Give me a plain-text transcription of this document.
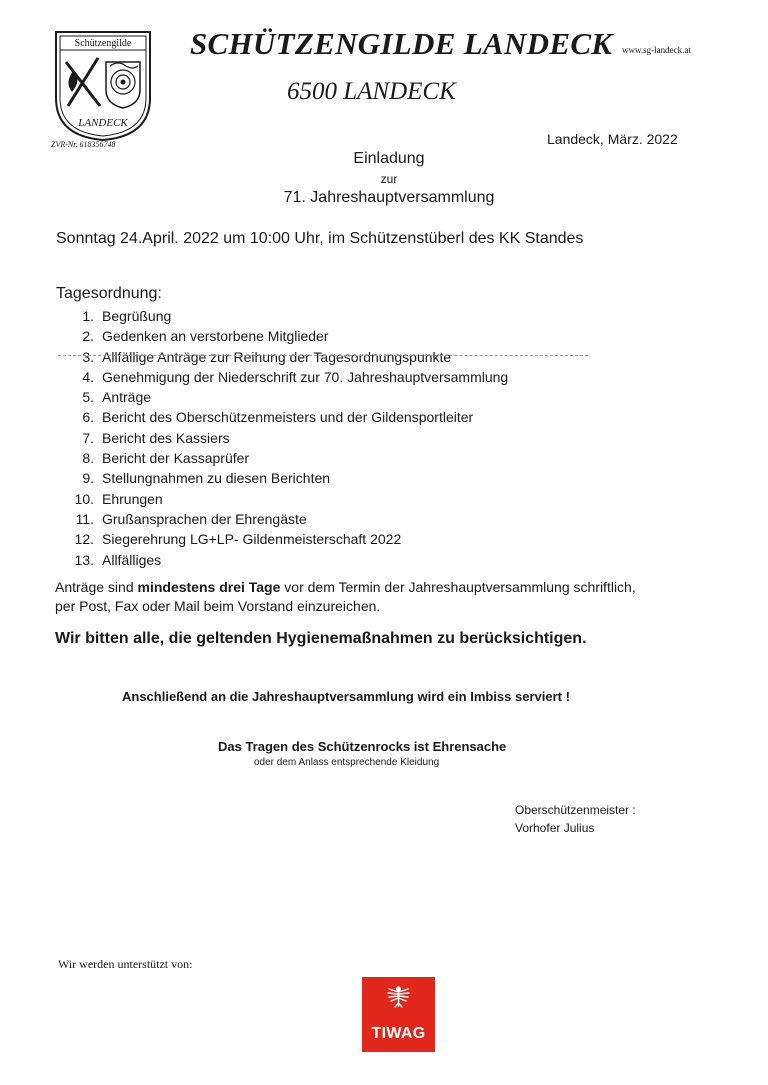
Schützengilde
LANDECK
SCHÜTZENGILDE LANDECK www.sg-landeck.at
6500 LANDECK
ZVR-Nr. 618356748	Landeck, März. 2022
Einladung
zur
71. Jahreshauptversammlung
Sonntag 24.April. 2022 um 10:00 Uhr, im Schützenstüberl des KK Standes
Tagesordnung:
1. Begrüßung
2. Gedenken an verstorbene Mitglieder
3. Allfällige Anträge zur Reihung der Tagesordnungspunkte
4. Genehmigung der Niederschrift zur 70. Jahreshauptversammlung
5. Anträge
6. Bericht des Oberschützenmeisters und der Gildensportleiter
7. Bericht des Kassiers
8. Bericht der Kassaprüfer
9. Stellungnahmen zu diesen Berichten
10. Ehrungen
11. Grußansprachen der Ehrengäste
12. Siegerehrung LG+LP- Gildenmeisterschaft 2022
13. Allfälliges
Anträge sind mindestens drei Tage vor dem Termin der Jahreshauptversammlung schriftlich,
per Post, Fax oder Mail beim Vorstand einzureichen.
Wir bitten alle, die geltenden Hygienemaßnahmen zu berücksichtigen.
Anschließend an die Jahreshauptversammlung wird ein Imbiss serviert !
Das Tragen des Schützenrocks ist Ehrensache
oder dem Anlass entsprechende Kleidung
Oberschützenmeister :
Vorhofer Julius
Wir werden unterstützt von:
TIWAG
